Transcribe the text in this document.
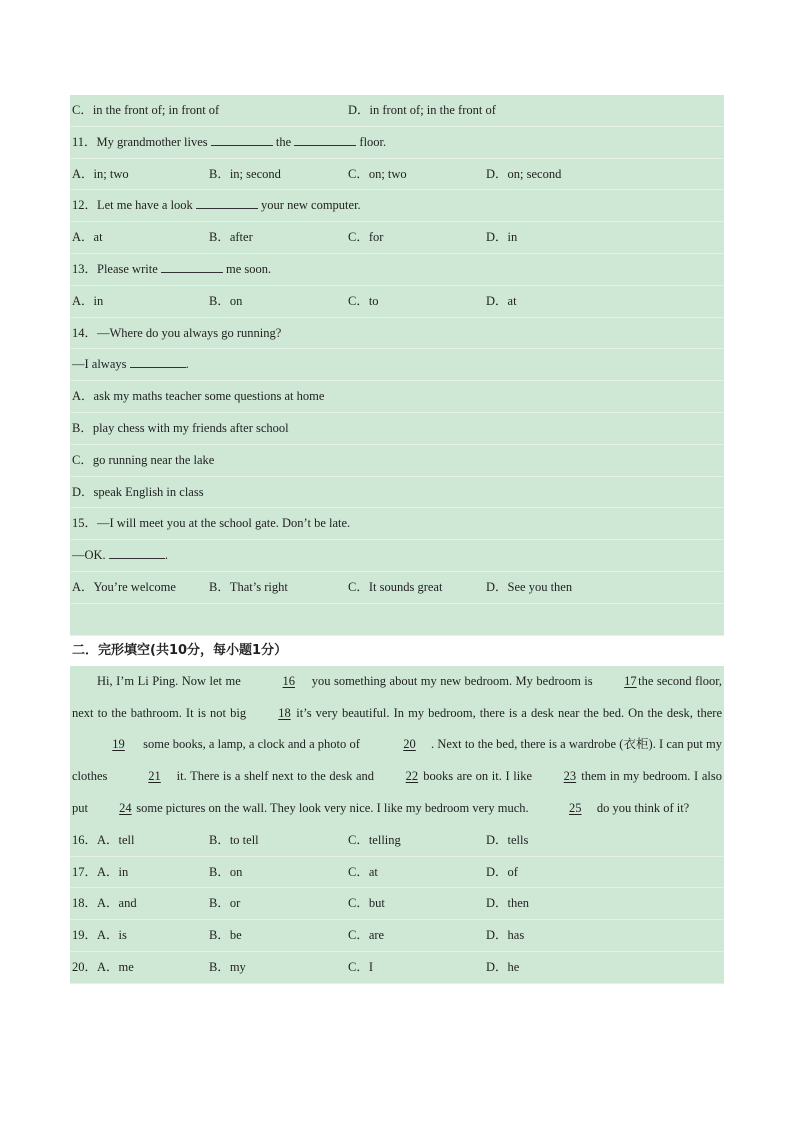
C．in the front of; in front of	D．in front of; in the front of
11．My grandmother lives	the	floor.
A．in; two	B．in; second	C．on; two	D．on; second
12．Let me have a look	your new computer.
A．at	B．after	C．for	D．in
13．Please write	me soon.
A．in	B．on	C．to	D．at
14．—Where do you always go running?
—I always	.
A．ask my maths teacher some questions at home
B．play chess with my friends after school
C．go running near the lake
D．speak English in class
15．—I will meet you at the school gate. Don’t be late.
—OK.	.
A．You’re welcome	B．That’s right	C．It sounds great	D．See you then
二．完形填空(共10分，每小题1分）

Hi, I’m Li Ping. Now let me	16 you something about my new bedroom. My bedroom is 17 the second floor, next to the bathroom. It is not big 18 it’s very beautiful. In my bedroom, there is a desk near the bed. On the desk, there 19 some books, a lamp, a clock and a photo of	20 . Next to the bed, there is a wardrobe (衣柜). I can put my clothes	21 it. There is a shelf next to the desk and 22 books are on it. I like 23 them in my bedroom. I also put 24 some pictures on the wall. They look very nice. I like my bedroom very much.	25 do you think of it?

16．A．tell	B．to tell	C．telling	D．tells
17．A．in	B．on	C．at	D．of
18．A．and	B．or	C．but	D．then
19．A．is	B．be	C．are	D．has
20．A．me	B．my	C．I	D．he
